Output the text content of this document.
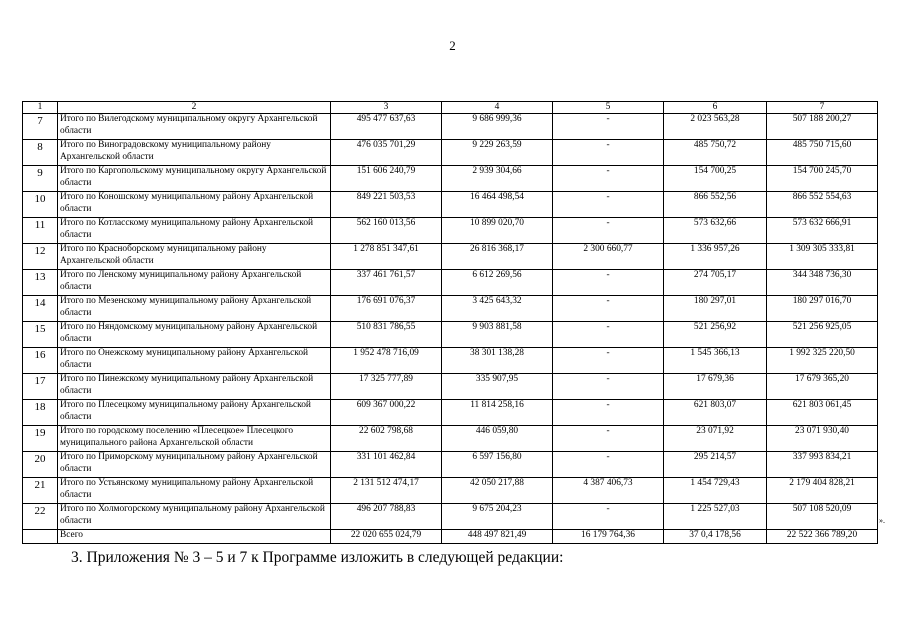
2
1	2	3	4	5	6	7
7	Итого по Вилегодскому муниципальному округу Архангельской области	495 477 637,63	9 686 999,36	-	2 023 563,28	507 188 200,27
8	Итого по Виноградовскому муниципальному району Архангельской области	476 035 701,29	9 229 263,59	-	485 750,72	485 750 715,60
9	Итого по Каргопольскому муниципальному округу Архангельской области	151 606 240,79	2 939 304,66	-	154 700,25	154 700 245,70
10	Итого по Коношскому муниципальному району Архангельской области	849 221 503,53	16 464 498,54	-	866 552,56	866 552 554,63
11	Итого по Котласскому муниципальному району Архангельской области	562 160 013,56	10 899 020,70	-	573 632,66	573 632 666,91
12	Итого по Красноборскому муниципальному району Архангельской области	1 278 851 347,61	26 816 368,17	2 300 660,77	1 336 957,26	1 309 305 333,81
13	Итого по Ленскому муниципальному району Архангельской области	337 461 761,57	6 612 269,56	-	274 705,17	344 348 736,30
14	Итого по Мезенскому муниципальному району Архангельской области	176 691 076,37	3 425 643,32	-	180 297,01	180 297 016,70
15	Итого по Няндомскому муниципальному району Архангельской области	510 831 786,55	9 903 881,58	-	521 256,92	521 256 925,05
16	Итого по Онежскому муниципальному району Архангельской области	1 952 478 716,09	38 301 138,28	-	1 545 366,13	1 992 325 220,50
17	Итого по Пинежскому муниципальному району Архангельской области	17 325 777,89	335 907,95	-	17 679,36	17 679 365,20
18	Итого по Плесецкому муниципальному району Архангельской области	609 367 000,22	11 814 258,16	-	621 803,07	621 803 061,45
19	Итого по городскому поселению «Плесецкое» Плесецкого муниципального района Архангельской области	22 602 798,68	446 059,80	-	23 071,92	23 071 930,40
20	Итого по Приморскому муниципальному району Архангельской области	331 101 462,84	6 597 156,80	-	295 214,57	337 993 834,21
21	Итого по Устьянскому муниципальному району Архангельской области	2 131 512 474,17	42 050 217,88	4 387 406,73	1 454 729,43	2 179 404 828,21
22	Итого по Холмогорскому муниципальному району Архангельской области	496 207 788,83	9 675 204,23	-	1 225 527,03	507 108 520,09
	Всего	22 020 655 024,79	448 497 821,49	16 179 764,36	37 0,4 178,56	22 522 366 789,20
».
3. Приложения № 3 – 5 и 7 к Программе изложить в следующей редакции:
